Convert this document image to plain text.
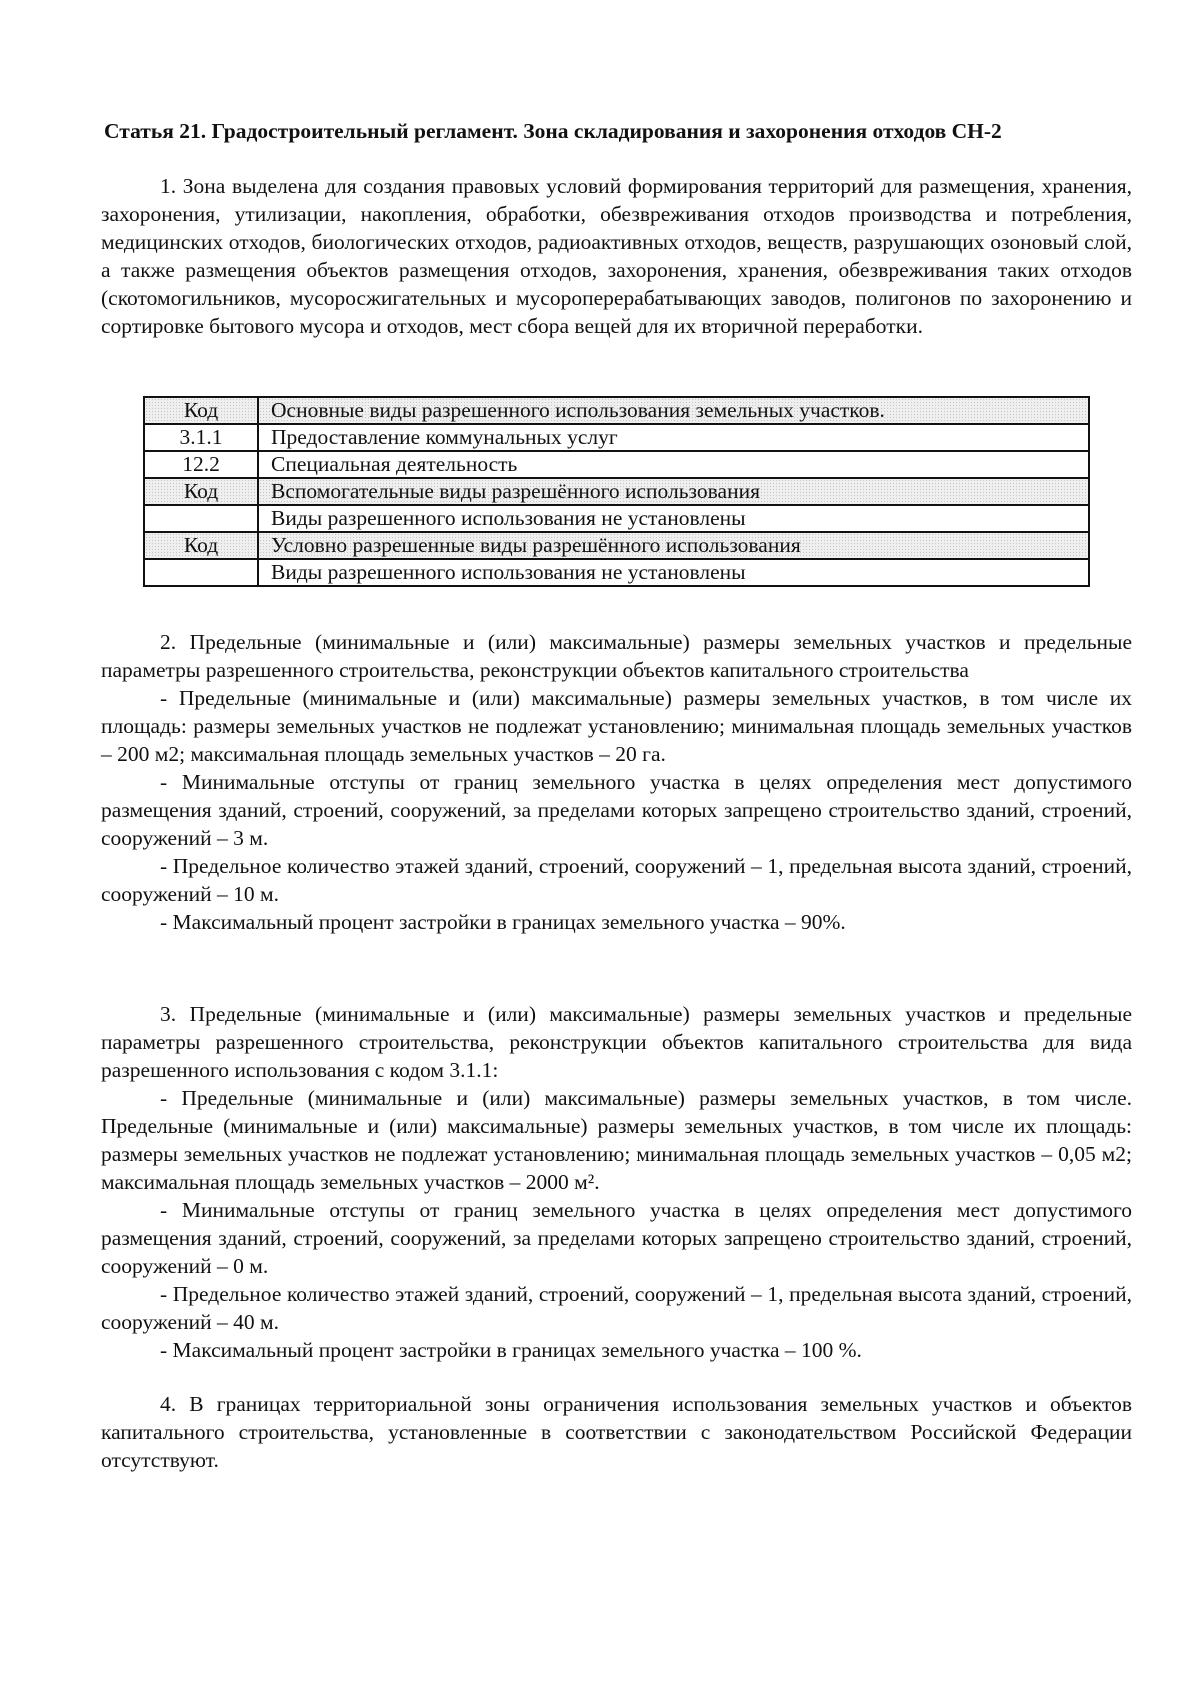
Статья 21. Градостроительный регламент. Зона складирования и захоронения отходов СН-2

1. Зона выделена для создания правовых условий формирования территорий для размещения, хранения, захоронения, утилизации, накопления, обработки, обезвреживания отходов производства и потребления, медицинских отходов, биологических отходов, радиоактивных отходов, веществ, разрушающих озоновый слой, а также размещения объектов размещения отходов, захоронения, хранения, обезвреживания таких отходов (скотомогильников, мусоросжигательных и мусороперерабатывающих заводов, полигонов по захоронению и сортировке бытового мусора и отходов, мест сбора вещей для их вторичной переработки.

Код	Основные виды разрешенного использования земельных участков.
3.1.1	Предоставление коммунальных услуг
12.2	Специальная деятельность
Код	Вспомогательные виды разрешённого использования
	Виды разрешенного использования не установлены
Код	Условно разрешенные виды разрешённого использования
	Виды разрешенного использования не установлены

2. Предельные (минимальные и (или) максимальные) размеры земельных участков и предельные параметры разрешенного строительства, реконструкции объектов капитального строительства

- Предельные (минимальные и (или) максимальные) размеры земельных участков, в том числе их площадь: размеры земельных участков не подлежат установлению; минимальная площадь земельных участков – 200 м2; максимальная площадь земельных участков – 20 га.

- Минимальные отступы от границ земельного участка в целях определения мест допустимого размещения зданий, строений, сооружений, за пределами которых запрещено строительство зданий, строений, сооружений – 3 м.

- Предельное количество этажей зданий, строений, сооружений – 1, предельная высота зданий, строений, сооружений – 10 м.

- Максимальный процент застройки в границах земельного участка – 90%.

3. Предельные (минимальные и (или) максимальные) размеры земельных участков и предельные параметры разрешенного строительства, реконструкции объектов капитального строительства для вида разрешенного использования с кодом 3.1.1:

- Предельные (минимальные и (или) максимальные) размеры земельных участков, в том числе. Предельные (минимальные и (или) максимальные) размеры земельных участков, в том числе их площадь: размеры земельных участков не подлежат установлению; минимальная площадь земельных участков – 0,05 м2; максимальная площадь земельных участков – 2000 м².

- Минимальные отступы от границ земельного участка в целях определения мест допустимого размещения зданий, строений, сооружений, за пределами которых запрещено строительство зданий, строений, сооружений – 0 м.

- Предельное количество этажей зданий, строений, сооружений – 1, предельная высота зданий, строений, сооружений – 40 м.

- Максимальный процент застройки в границах земельного участка – 100 %.

4. В границах территориальной зоны ограничения использования земельных участков и объектов капитального строительства, установленные в соответствии с законодательством Российской Федерации отсутствуют.
